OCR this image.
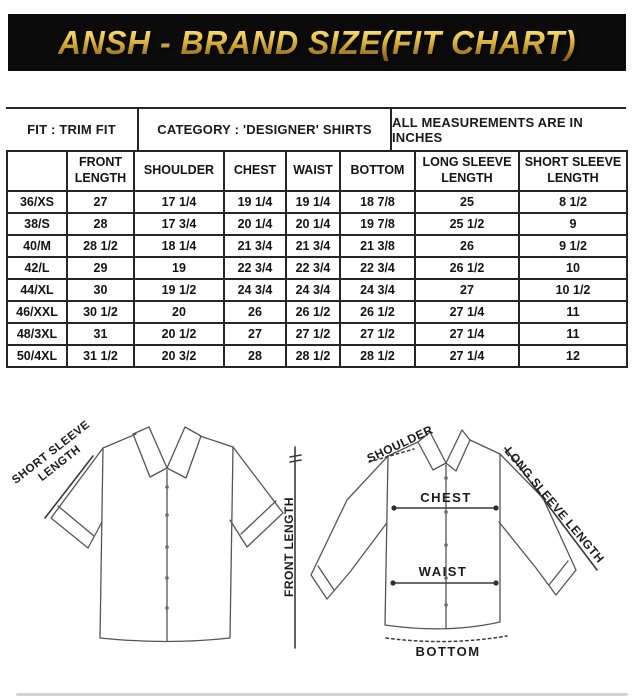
ANSH - BRAND SIZE(FIT CHART)
FIT : TRIM FIT	CATEGORY : 'DESIGNER' SHIRTS	ALL MEASUREMENTS ARE IN INCHES
	FRONT LENGTH	SHOULDER	CHEST	WAIST	BOTTOM	LONG SLEEVE LENGTH	SHORT SLEEVE LENGTH
36/XS	27	17 1/4	19 1/4	19 1/4	18 7/8	25	8 1/2
38/S	28	17 3/4	20 1/4	20 1/4	19 7/8	25 1/2	9
40/M	28 1/2	18 1/4	21 3/4	21 3/4	21 3/8	26	9 1/2
42/L	29	19	22 3/4	22 3/4	22 3/4	26 1/2	10
44/XL	30	19 1/2	24 3/4	24 3/4	24 3/4	27	10 1/2
46/XXL	30 1/2	20	26	26 1/2	26 1/2	27 1/4	11
48/3XL	31	20 1/2	27	27 1/2	27 1/2	27 1/4	11
50/4XL	31 1/2	20 3/2	28	28 1/2	28 1/2	27 1/4	12
SHORT SLEEVE LENGTH
FRONT LENGTH
SHOULDER
CHEST
WAIST
BOTTOM
LONG SLEEVE LENGTH
